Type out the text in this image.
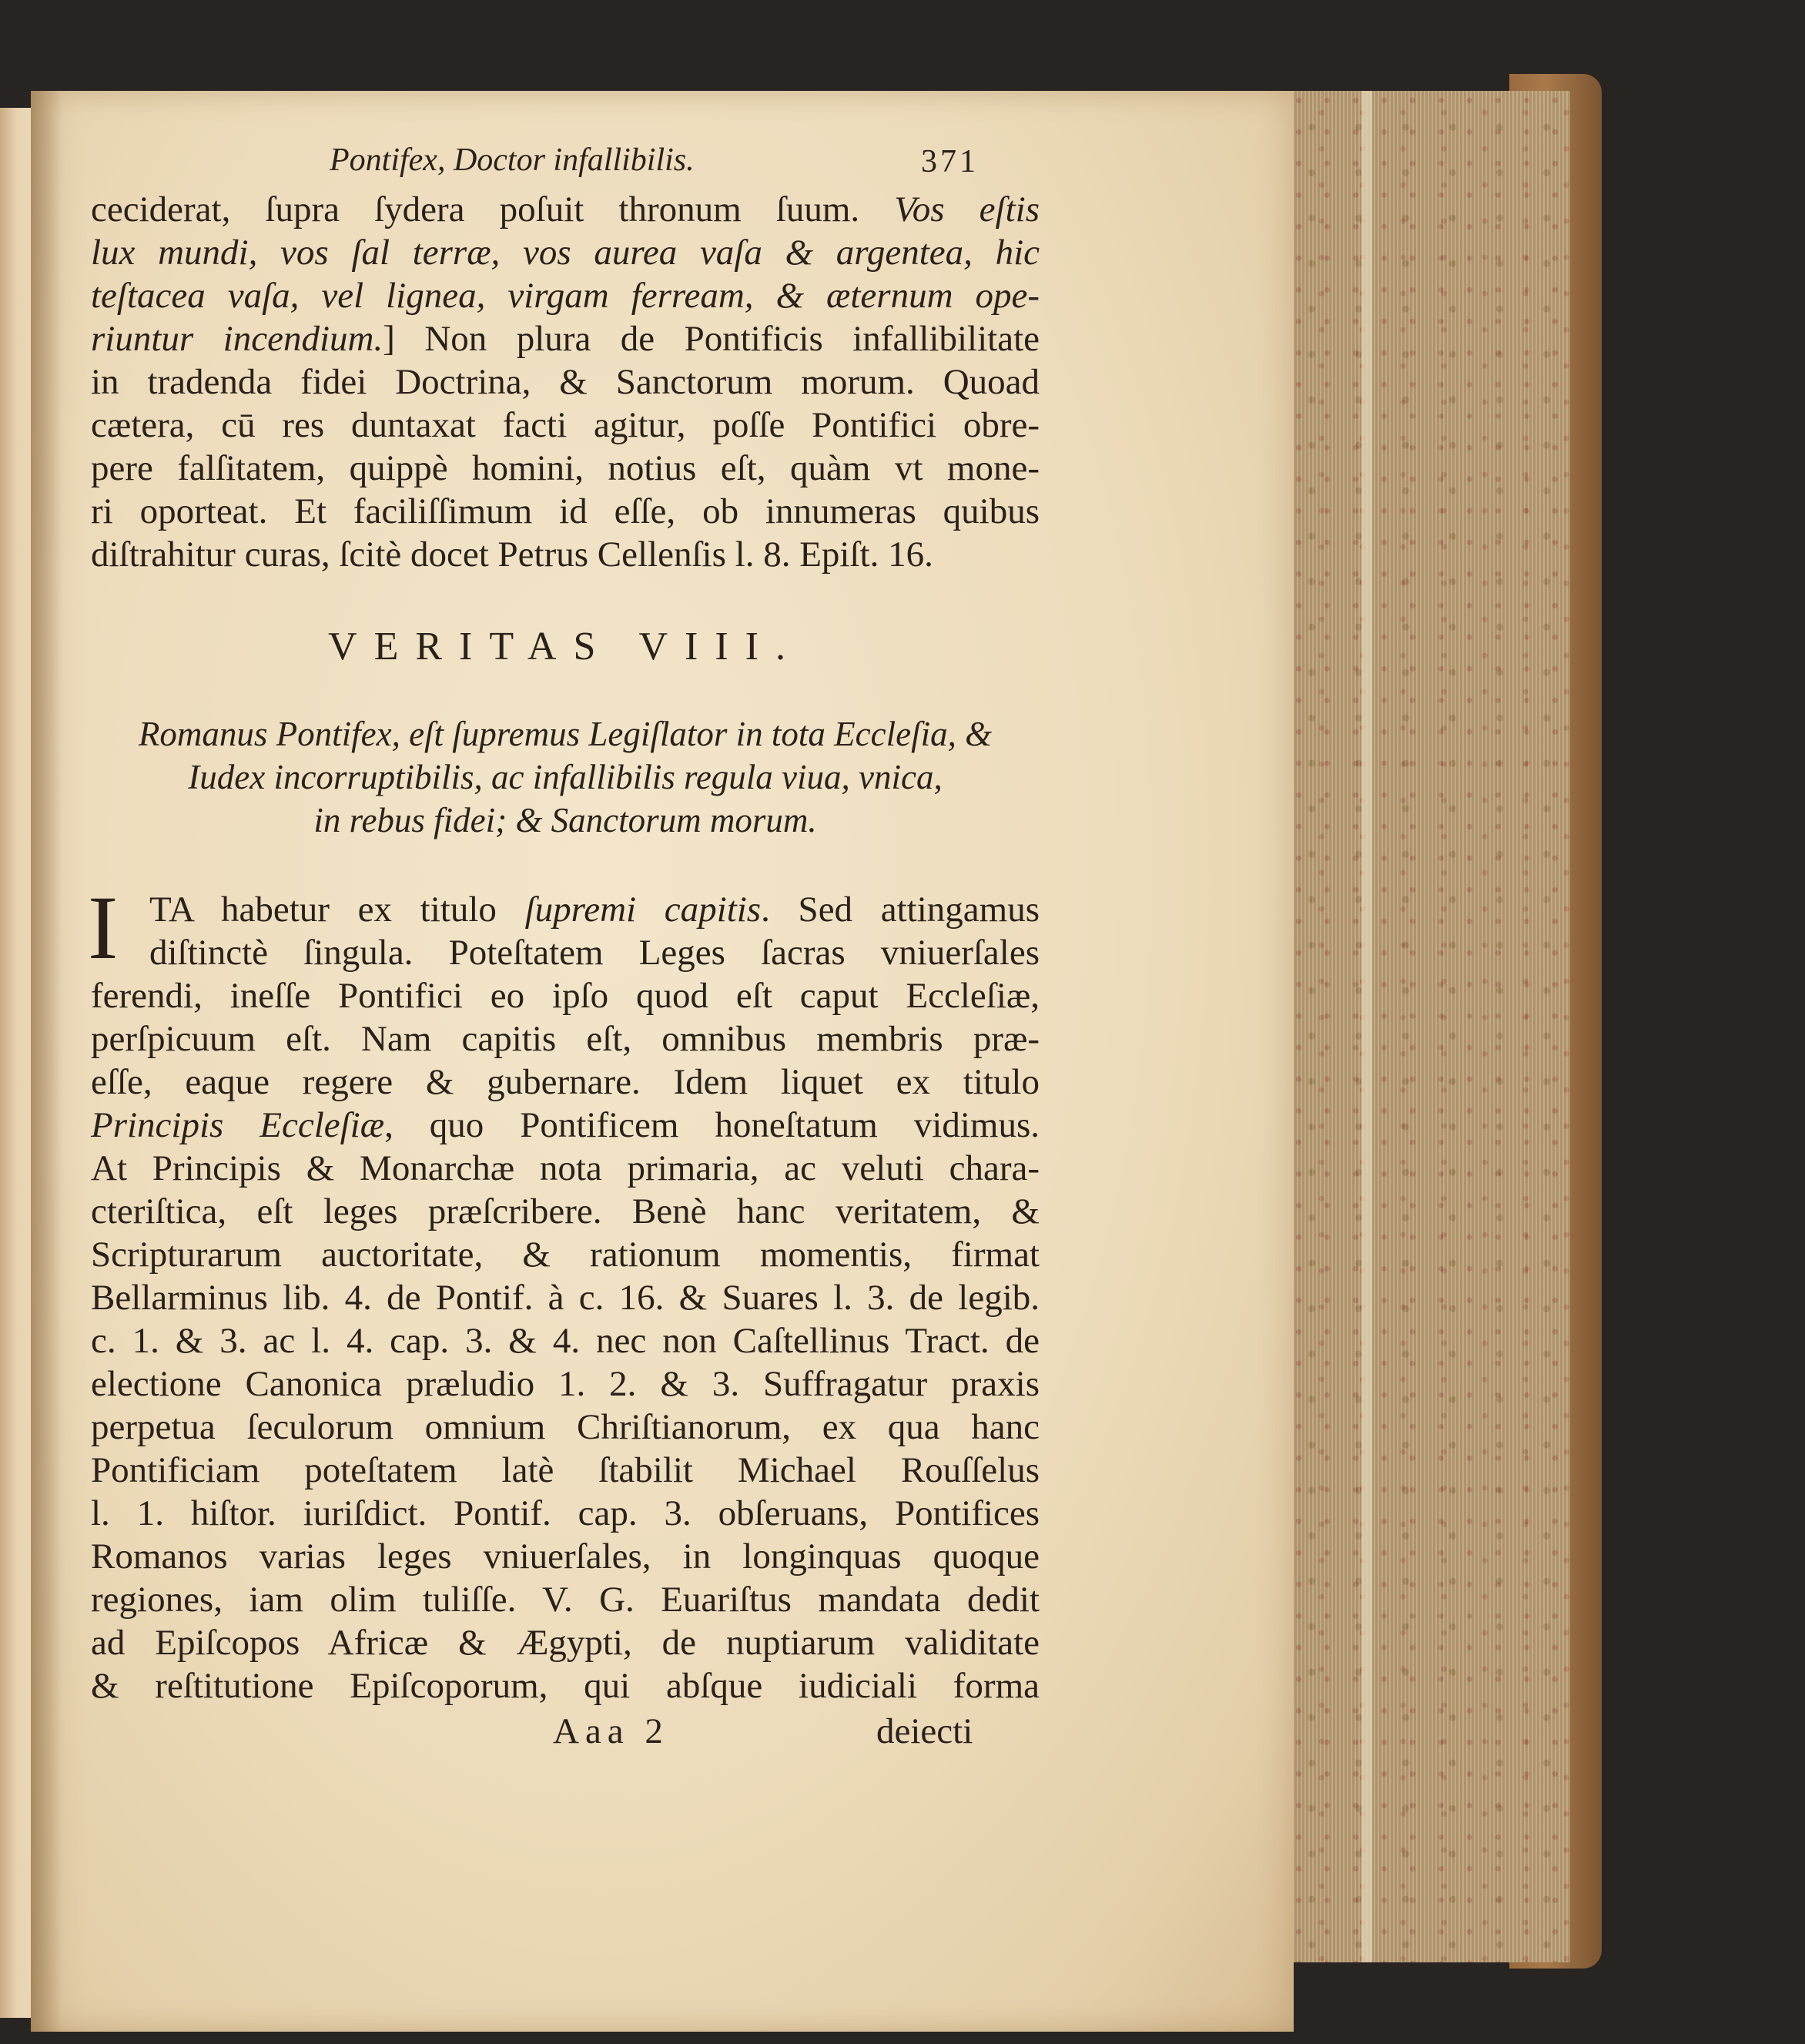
Pontifex, Doctor infallibilis.	371
ceciderat, ſupra ſydera poſuit thronum ſuum. Vos eſtis
lux mundi, vos ſal terræ, vos aurea vaſa & argentea, hic
teſtacea vaſa, vel lignea, virgam ferream, & æternum ope-
riuntur incendium.] Non plura de Pontificis infallibilitate
in tradenda fidei Doctrina, & Sanctorum morum. Quoad
cætera, cū res duntaxat facti agitur, poſſe Pontifici obre-
pere falſitatem, quippè homini, notius eſt, quàm vt mone-
ri oporteat. Et faciliſſimum id eſſe, ob innumeras quibus
diſtrahitur curas, ſcitè docet Petrus Cellenſis l. 8. Epiſt. 16.
VERITAS VIII.
Romanus Pontifex, eſt ſupremus Legiſlator in tota Eccleſia, &
Iudex incorruptibilis, ac infallibilis regula viua, vnica,
in rebus fidei; & Sanctorum morum.
I TA habetur ex titulo ſupremi capitis. Sed attingamus
diſtinctè ſingula. Poteſtatem Leges ſacras vniuerſales
ferendi, ineſſe Pontifici eo ipſo quod eſt caput Eccleſiæ,
perſpicuum eſt. Nam capitis eſt, omnibus membris præ-
eſſe, eaque regere & gubernare. Idem liquet ex titulo
Principis Eccleſiæ, quo Pontificem honeſtatum vidimus.
At Principis & Monarchæ nota primaria, ac veluti chara-
cteriſtica, eſt leges præſcribere. Benè hanc veritatem, &
Scripturarum auctoritate, & rationum momentis, firmat
Bellarminus lib. 4. de Pontif. à c. 16. & Suares l. 3. de legib.
c. 1. & 3. ac l. 4. cap. 3. & 4. nec non Caſtellinus Tract. de
electione Canonica præludio 1. 2. & 3. Suffragatur praxis
perpetua ſeculorum omnium Chriſtianorum, ex qua hanc
Pontificiam poteſtatem latè ſtabilit Michael Rouſſelus
l. 1. hiſtor. iuriſdict. Pontif. cap. 3. obſeruans, Pontifices
Romanos varias leges vniuerſales, in longinquas quoque
regiones, iam olim tuliſſe. V. G. Euariſtus mandata dedit
ad Epiſcopos Africæ & Ægypti, de nuptiarum validitate
& reſtitutione Epiſcoporum, qui abſque iudiciali forma
Aaa 2	deiecti
